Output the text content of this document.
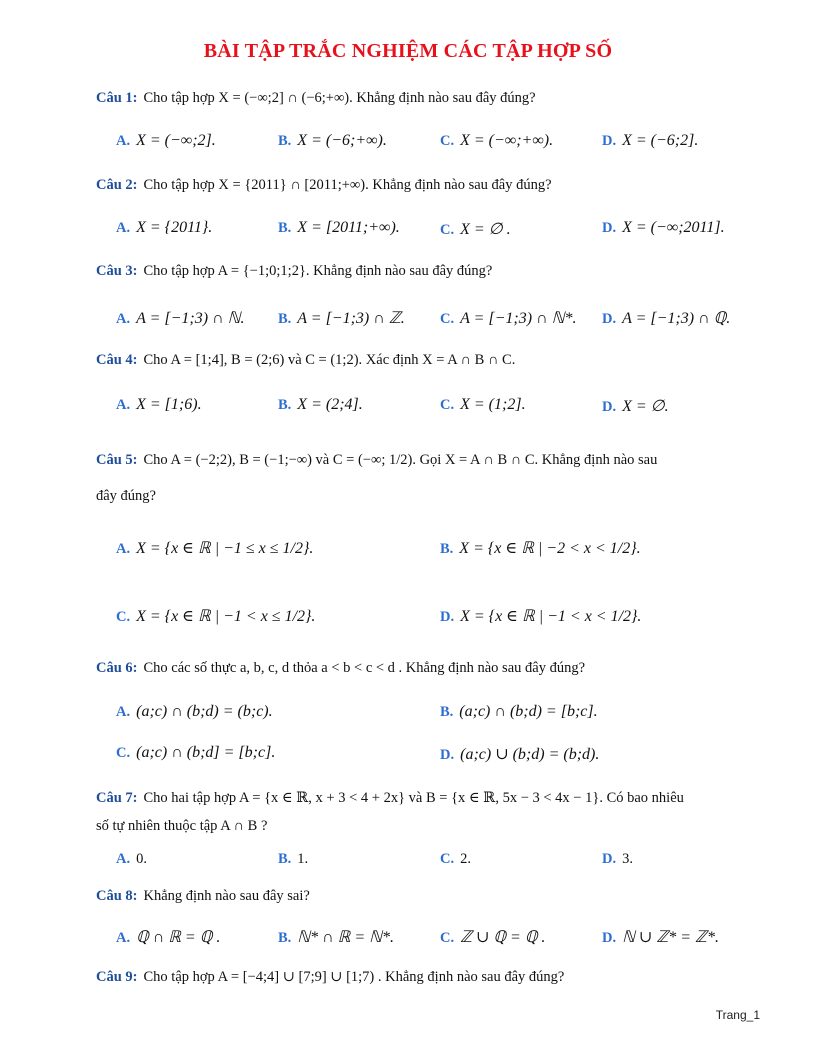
BÀI TẬP TRẮC NGHIỆM CÁC TẬP HỢP SỐ
Câu 1: Cho tập hợp X = (−∞;2] ∩ (−6;+∞). Khẳng định nào sau đây đúng?
A. X = (−∞;2].	B. X = (−6;+∞).	C. X = (−∞;+∞).	D. X = (−6;2].
Câu 2: Cho tập hợp X = {2011} ∩ [2011;+∞). Khẳng định nào sau đây đúng?
A. X = {2011}.	B. X = [2011;+∞).	C. X = ∅ .	D. X = (−∞;2011].
Câu 3: Cho tập hợp A = {−1;0;1;2}. Khẳng định nào sau đây đúng?
A. A = [−1;3) ∩ ℕ. B. A = [−1;3) ∩ ℤ. C. A = [−1;3) ∩ ℕ*. D. A = [−1;3) ∩ ℚ.
Câu 4: Cho A = [1;4], B = (2;6) và C = (1;2). Xác định X = A ∩ B ∩ C.
A. X = [1;6).	B. X = (2;4].	C. X = (1;2].	D. X = ∅.
Câu 5: Cho A = (−2;2), B = (−1;−∞) và C = (−∞; 1/2). Gọi X = A ∩ B ∩ C. Khẳng định nào sau
đây đúng?
A. X = {x ∈ ℝ | −1 ≤ x ≤ 1/2}.	B. X = {x ∈ ℝ | −2 < x < 1/2}.
C. X = {x ∈ ℝ | −1 < x ≤ 1/2}.	D. X = {x ∈ ℝ | −1 < x < 1/2}.
Câu 6: Cho các số thực a, b, c, d thỏa a < b < c < d . Khẳng định nào sau đây đúng?
A. (a;c) ∩ (b;d) = (b;c).	B. (a;c) ∩ (b;d) = [b;c].
C. (a;c) ∩ (b;d] = [b;c].	D. (a;c) ∪ (b;d) = (b;d).
Câu 7: Cho hai tập hợp A = {x ∈ ℝ, x + 3 < 4 + 2x} và B = {x ∈ ℝ, 5x − 3 < 4x − 1}. Có bao nhiêu
số tự nhiên thuộc tập A ∩ B ?
A. 0.	B. 1.	C. 2.	D. 3.
Câu 8: Khẳng định nào sau đây sai?
A. ℚ ∩ ℝ = ℚ .	B. ℕ* ∩ ℝ = ℕ*.	C. ℤ ∪ ℚ = ℚ .	D. ℕ ∪ ℤ* = ℤ*.
Câu 9: Cho tập hợp A = [−4;4] ∪ [7;9] ∪ [1;7) . Khẳng định nào sau đây đúng?
Trang_1
